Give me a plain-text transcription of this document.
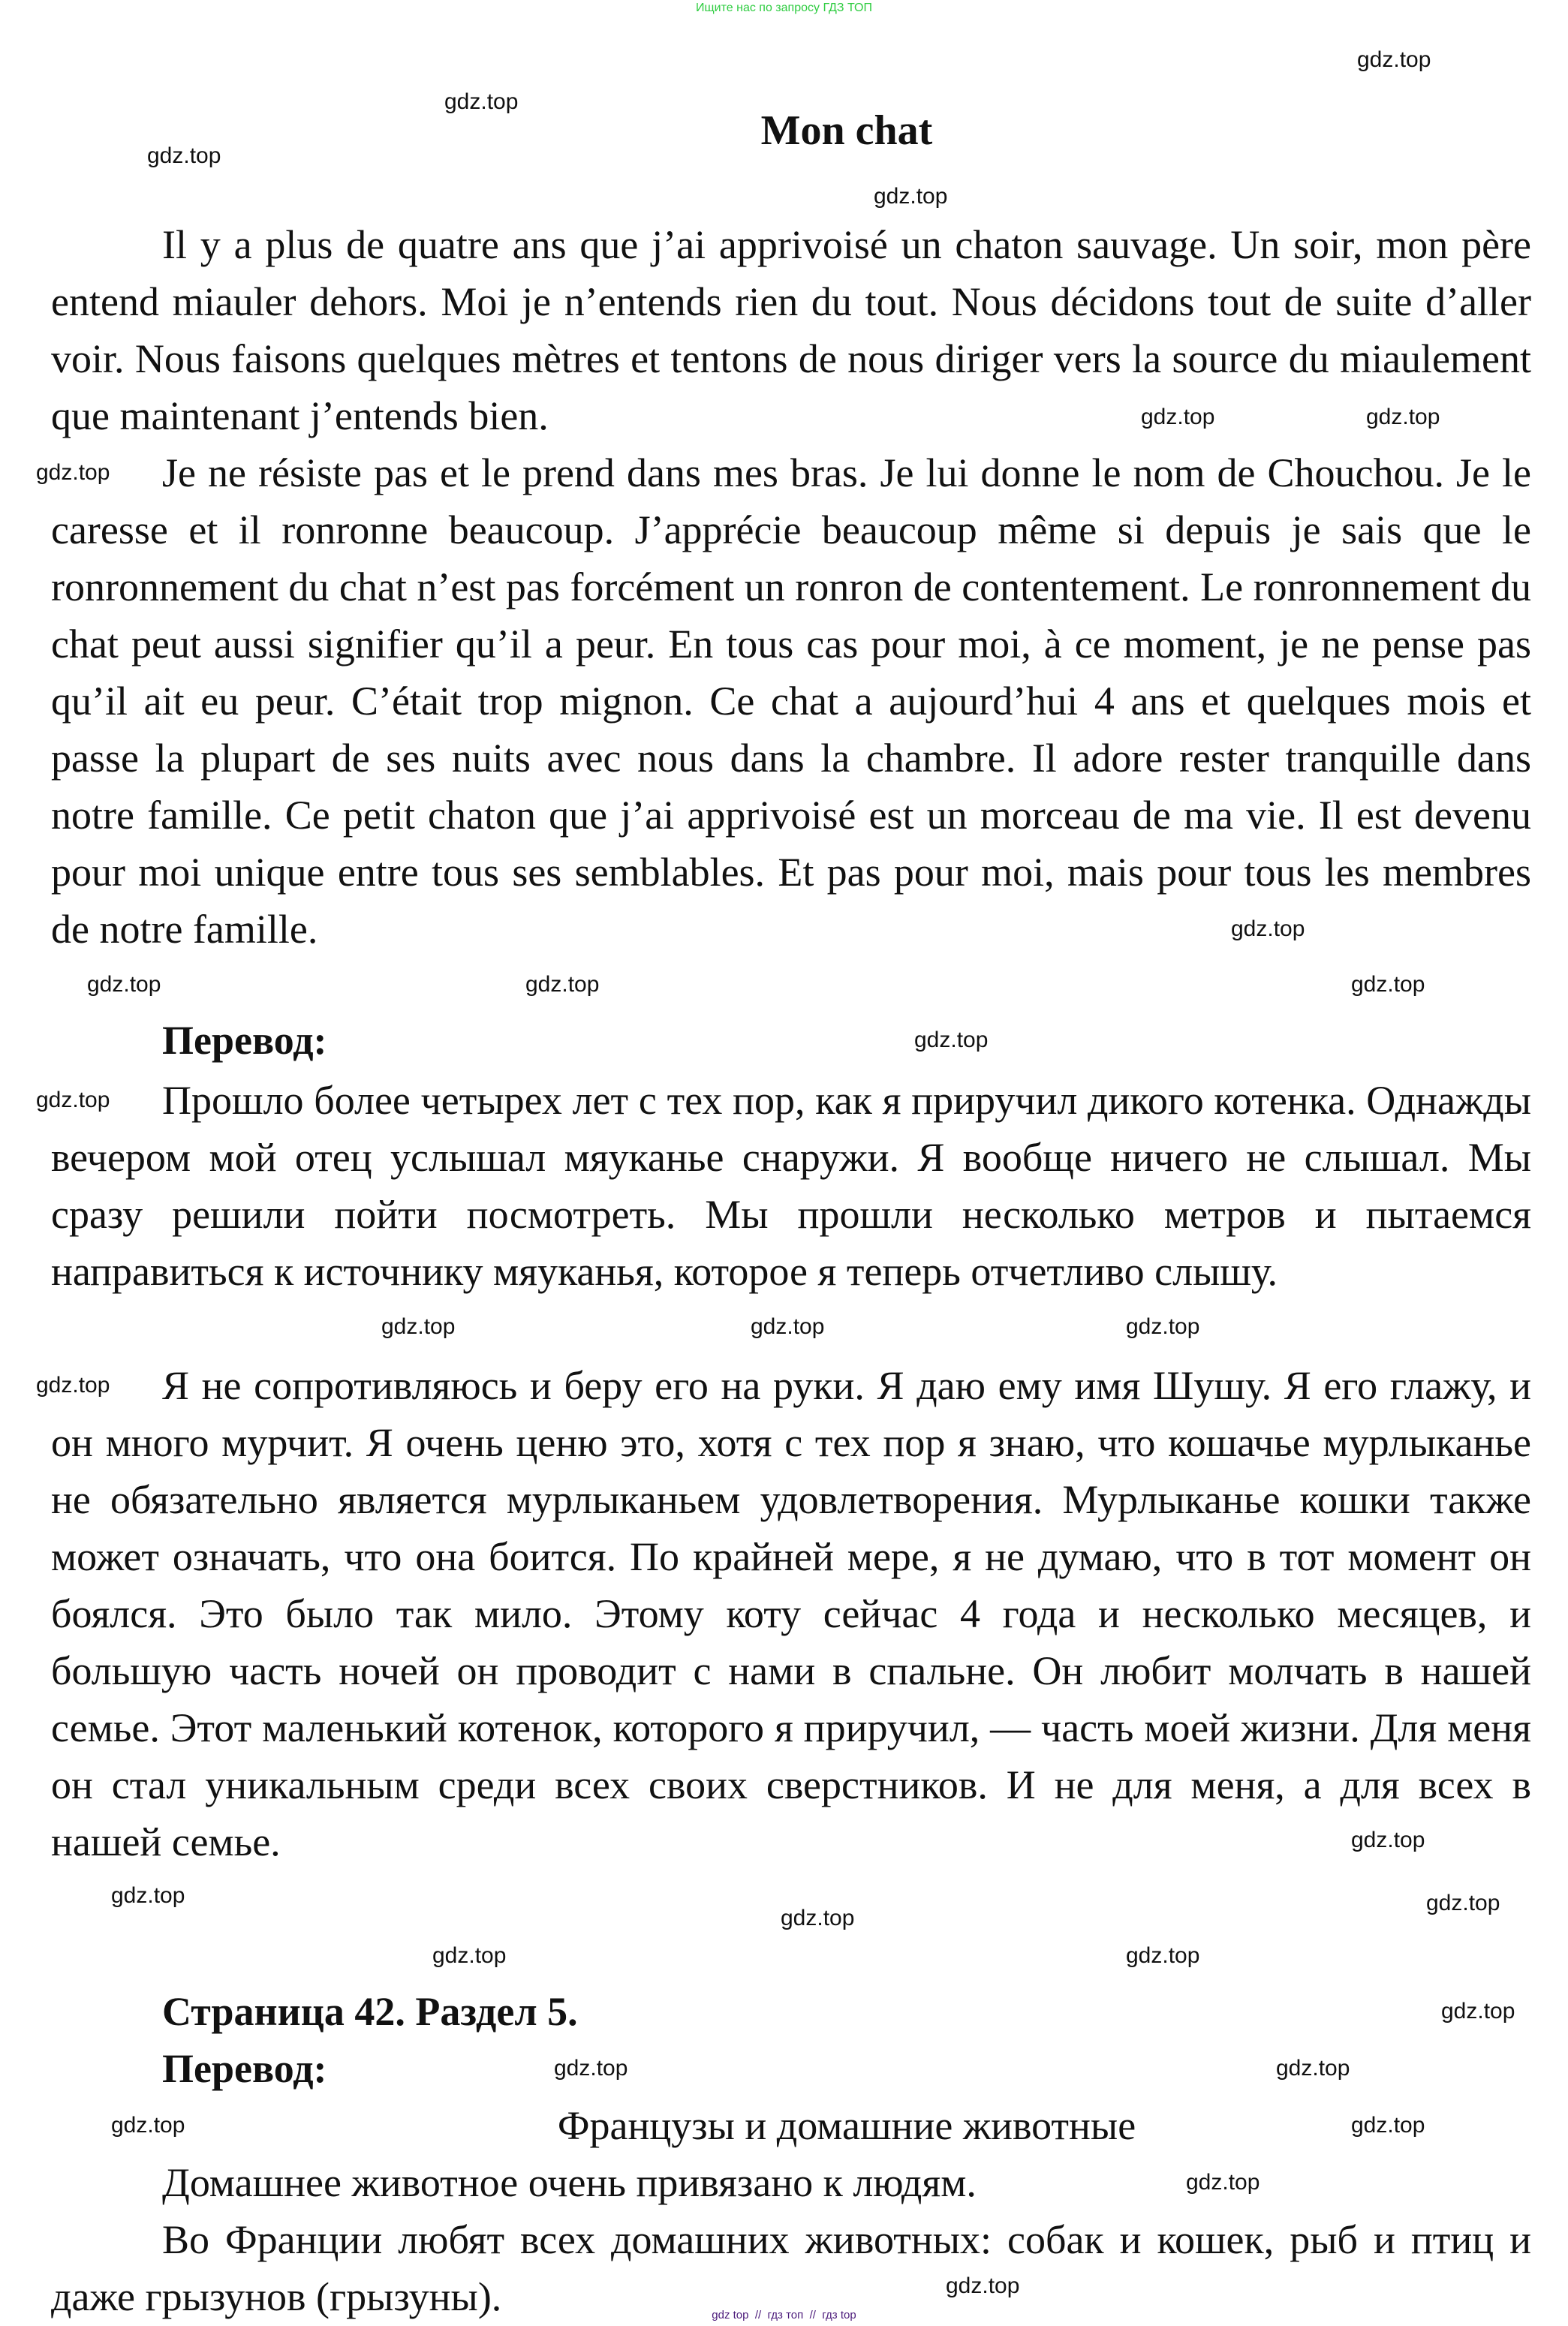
Ищите нас по запросу ГДЗ ТОП
Mon chat
Il y a plus de quatre ans que j’ai apprivoisé un chaton sauvage. Un soir, mon père entend miauler dehors. Moi je n’entends rien du tout. Nous décidons tout de suite d’aller voir. Nous faisons quelques mètres et tentons de nous diriger vers la source du miaulement que maintenant j’entends bien.
Je ne résiste pas et le prend dans mes bras. Je lui donne le nom de Chouchou. Je le caresse et il ronronne beaucoup. J’apprécie beaucoup même si depuis je sais que le ronronnement du chat n’est pas forcément un ronron de contentement. Le ronronnement du chat peut aussi signifier qu’il a peur. En tous cas pour moi, à ce moment, je ne pense pas qu’il ait eu peur. C’était trop mignon. Ce chat a aujourd’hui 4 ans et quelques mois et passe la plupart de ses nuits avec nous dans la chambre. Il adore rester tranquille dans notre famille. Ce petit chaton que j’ai apprivoisé est un morceau de ma vie. Il est devenu pour moi unique entre tous ses semblables. Et pas pour moi, mais pour tous les membres de notre famille.
Перевод:
Прошло более четырех лет с тех пор, как я приручил дикого котенка. Однажды вечером мой отец услышал мяуканье снаружи. Я вообще ничего не слышал. Мы сразу решили пойти посмотреть. Мы прошли несколько метров и пытаемся направиться к источнику мяуканья, которое я теперь отчетливо слышу.
Я не сопротивляюсь и беру его на руки. Я даю ему имя Шушу. Я его глажу, и он много мурчит. Я очень ценю это, хотя с тех пор я знаю, что кошачье мурлыканье не обязательно является мурлыканьем удовлетворения. Мурлыканье кошки также может означать, что она боится. По крайней мере, я не думаю, что в тот момент он боялся. Это было так мило. Этому коту сейчас 4 года и несколько месяцев, и большую часть ночей он проводит с нами в спальне. Он любит молчать в нашей семье. Этот маленький котенок, которого я приручил, — часть моей жизни. Для меня он стал уникальным среди всех своих сверстников. И не для меня, а для всех в нашей семье.
Страница 42. Раздел 5.
Перевод:
Французы и домашние животные
Домашнее животное очень привязано к людям.
Во Франции любят всех домашних животных: собак и кошек, рыб и птиц и даже грызунов (грызуны).
gdz.top
gdz.top
gdz.top
gdz.top
gdz.top	gdz.top
gdz.top
gdz.top
gdz.top	gdz.top	gdz.top
gdz.top
gdz.top
gdz.top	gdz.top	gdz.top
gdz.top
gdz.top
gdz.top
gdz.top
gdz.top	gdz.top
gdz.top
gdz.top
gdz.top	gdz.top
gdz.top	gdz.top
gdz.top
gdz.top
gdz top  //  гдз топ  //  гдз top
